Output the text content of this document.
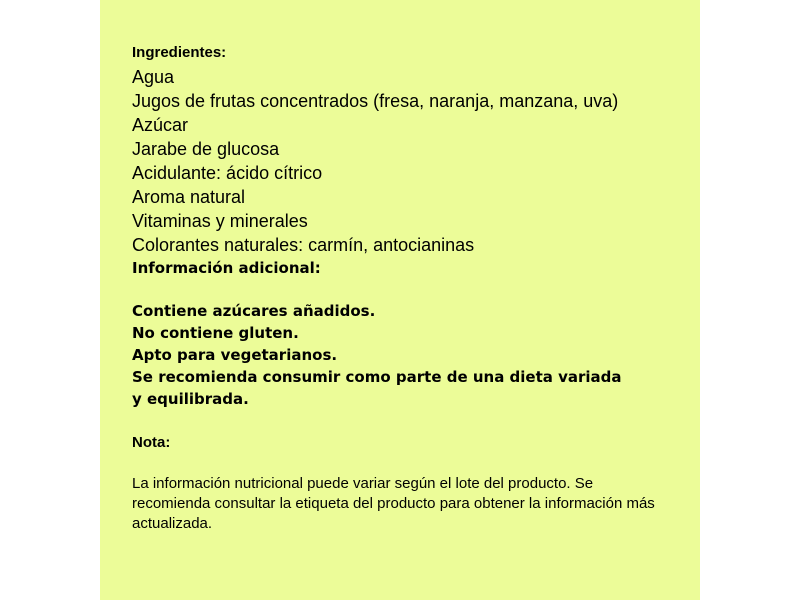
Ingredientes:
Agua
Jugos de frutas concentrados (fresa, naranja, manzana, uva)
Azúcar
Jarabe de glucosa
Acidulante: ácido cítrico
Aroma natural
Vitaminas y minerales
Colorantes naturales: carmín, antocianinas
Información adicional:
Contiene azúcares añadidos.
No contiene gluten.
Apto para vegetarianos.
Se recomienda consumir como parte de una dieta variada y equilibrada.
Nota:
La información nutricional puede variar según el lote del producto. Se recomienda consultar la etiqueta del producto para obtener la información más actualizada.
